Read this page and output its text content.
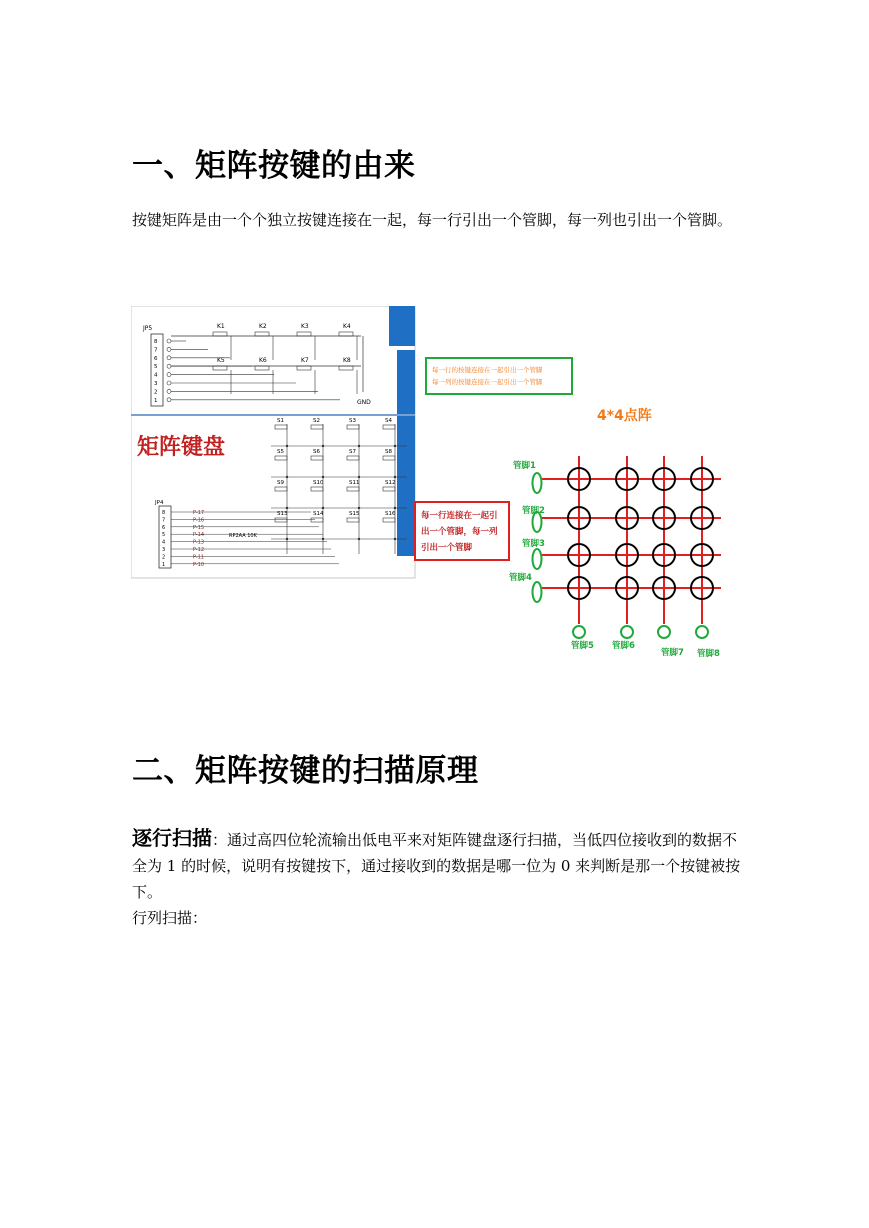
一、矩阵按键的由来
按键矩阵是由一个个独立按键连接在一起，每一行引出一个管脚，每一列也引出一个管脚。
JP5
8
7
6
5
4
3
2
1
K1	K2	K3	K4
K5	K6	K7	K8
GND
矩阵键盘
S1	S2	S3	S4
S5	S6	S7	S8
S9	S10	S11	S12
S13	S14	S15	S16
JP4
8	P-17
7	P-16
6	P-15
5	P-14
4	P-13
3	P-12
2	P-11
1	P-10
RP2AA 10K
每一行的按键连接在一起引出一个管脚
每一列的按键连接在一起引出一个管脚
4*4点阵
每一行连接在一起引
出一个管脚，每一列
引出一个管脚
管脚1
管脚2
管脚3
管脚4
管脚5 管脚6
管脚7 管脚8
二、矩阵按键的扫描原理
逐行扫描：通过高四位轮流输出低电平来对矩阵键盘逐行扫描，当低四位接收到的数据不全为 1 的时候，说明有按键按下，通过接收到的数据是哪一位为 0 来判断是那一个按键被按下。
行列扫描：
